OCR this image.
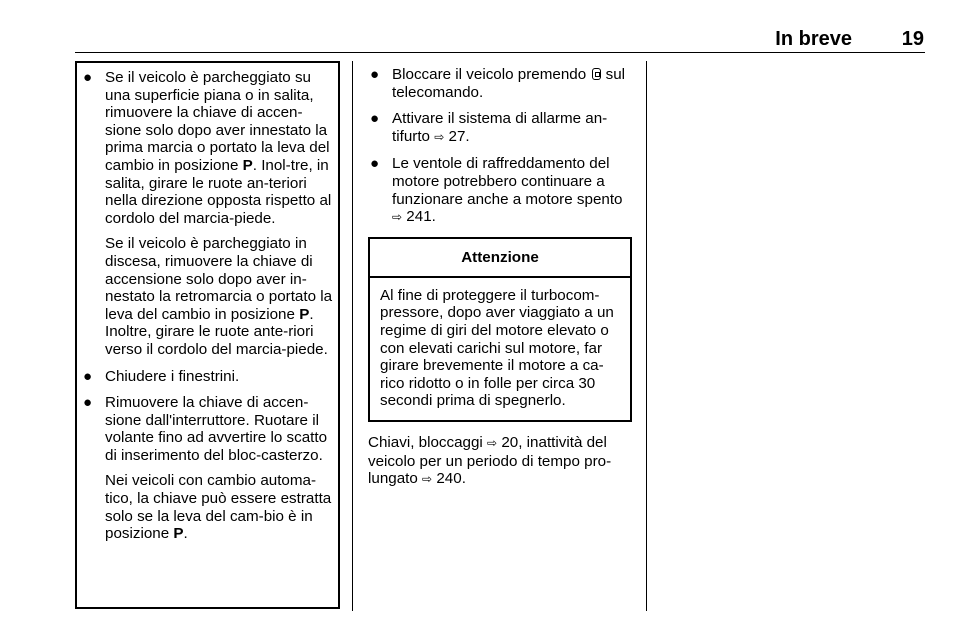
In breve	19
● Se il veicolo è parcheggiato su una superficie piana o in salita, rimuovere la chiave di accen-sione solo dopo aver innestato la prima marcia o portato la leva del cambio in posizione P. Inol-tre, in salita, girare le ruote an-teriori nella direzione opposta rispetto al cordolo del marcia-piede.

Se il veicolo è parcheggiato in discesa, rimuovere la chiave di accensione solo dopo aver in-nestato la retromarcia o portato la leva del cambio in posizione P. Inoltre, girare le ruote ante-riori verso il cordolo del marcia-piede.

● Chiudere i finestrini.

● Rimuovere la chiave di accen-sione dall'interruttore. Ruotare il volante fino ad avvertire lo scatto di inserimento del bloc-casterzo.

Nei veicoli con cambio automa-tico, la chiave può essere estratta solo se la leva del cam-bio è in posizione P.

● Bloccare il veicolo premendo  sul telecomando.

● Attivare il sistema di allarme an-tifurto ⇨ 27.

● Le ventole di raffreddamento del motore potrebbero continuare a funzionare anche a motore spento ⇨ 241.

Attenzione
Al fine di proteggere il turbocom-pressore, dopo aver viaggiato a un regime di giri del motore elevato o con elevati carichi sul motore, far girare brevemente il motore a ca-rico ridotto o in folle per circa 30 secondi prima di spegnerlo.

Chiavi, bloccaggi ⇨ 20, inattività del veicolo per un periodo di tempo pro-lungato ⇨ 240.
